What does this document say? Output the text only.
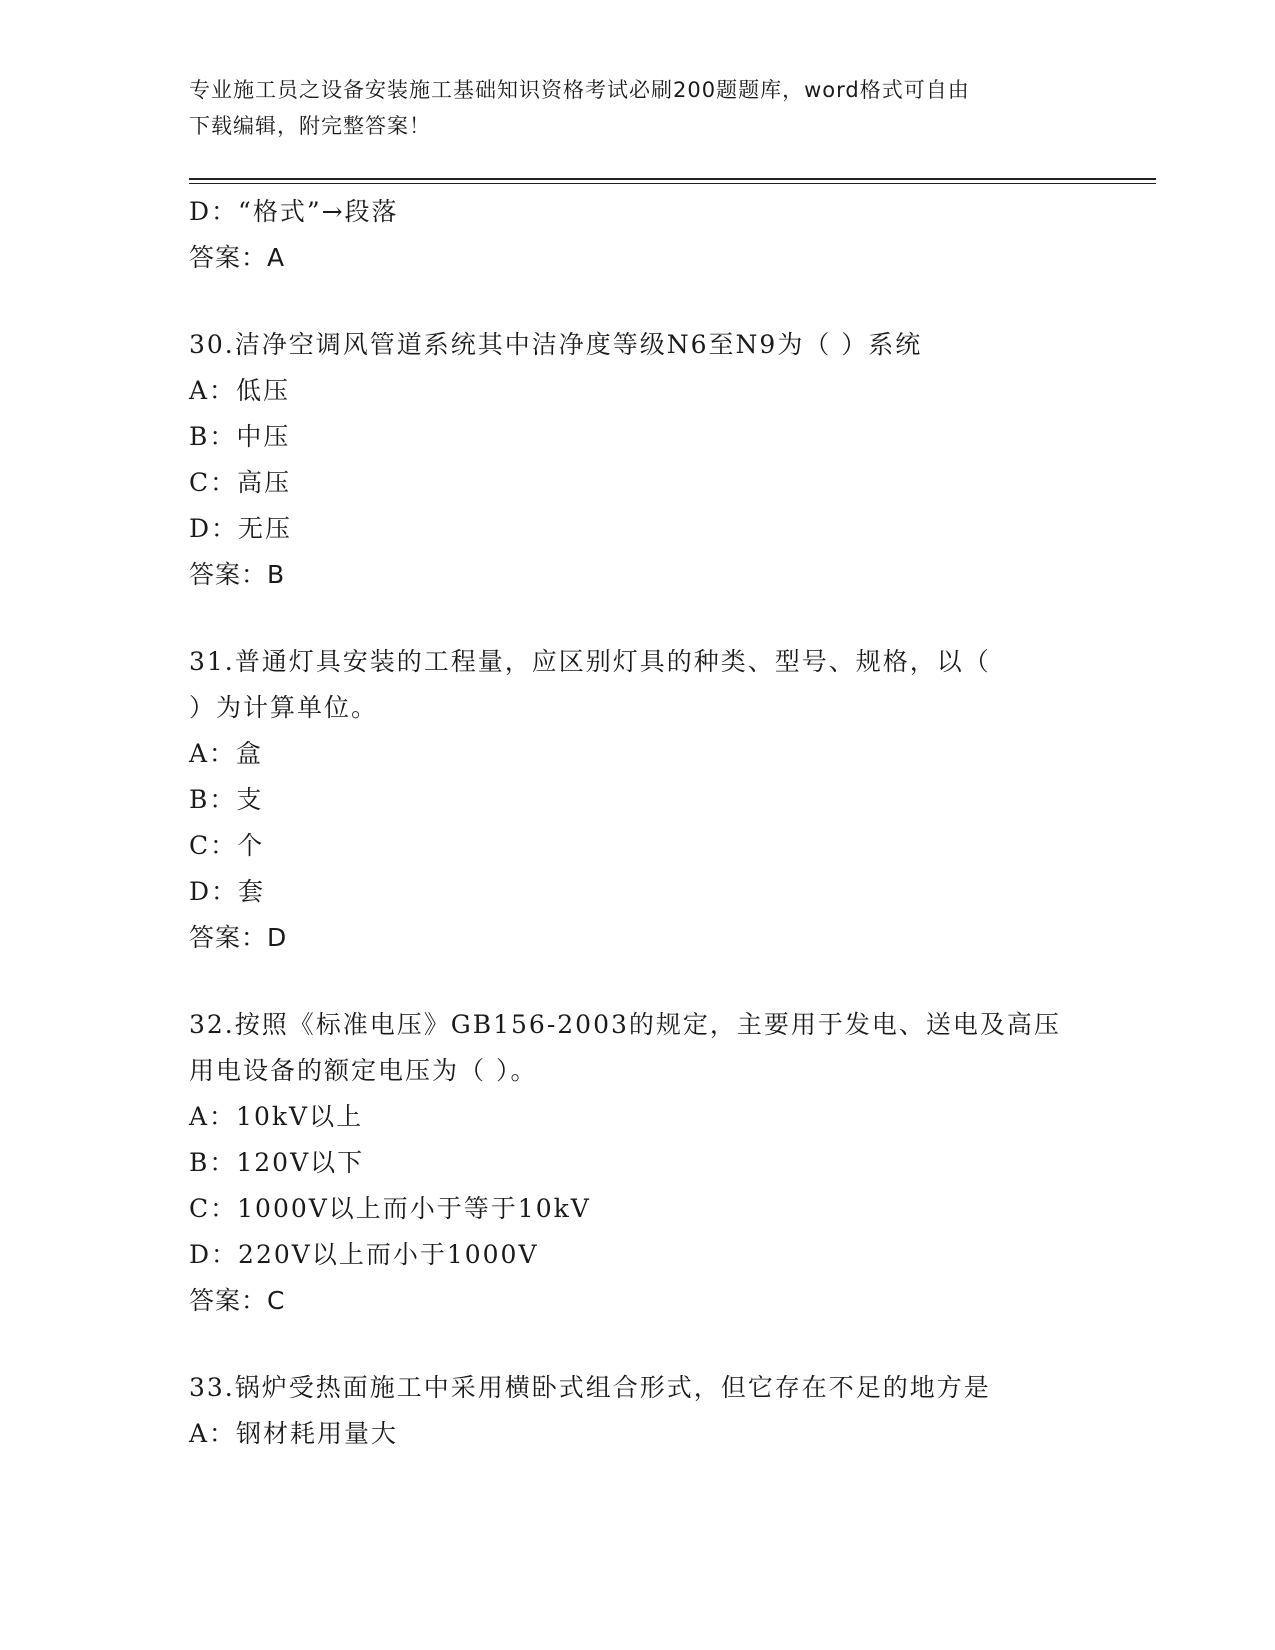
专业施工员之设备安装施工基础知识资格考试必刷200题题库，word格式可自由
下载编辑，附完整答案！
D：“格式”→段落
答案：A
30.洁净空调风管道系统其中洁净度等级N6至N9为（ ）系统
A：低压
B：中压
C：高压
D：无压
答案：B
31.普通灯具安装的工程量，应区别灯具的种类、型号、规格，以（
）为计算单位。
A：盒
B：支
C：个
D：套
答案：D
32.按照《标准电压》GB156-2003的规定，主要用于发电、送电及高压
用电设备的额定电压为（ ）。
A：10kV以上
B：120V以下
C：1000V以上而小于等于10kV
D：220V以上而小于1000V
答案：C
33.锅炉受热面施工中采用横卧式组合形式，但它存在不足的地方是
A：钢材耗用量大
